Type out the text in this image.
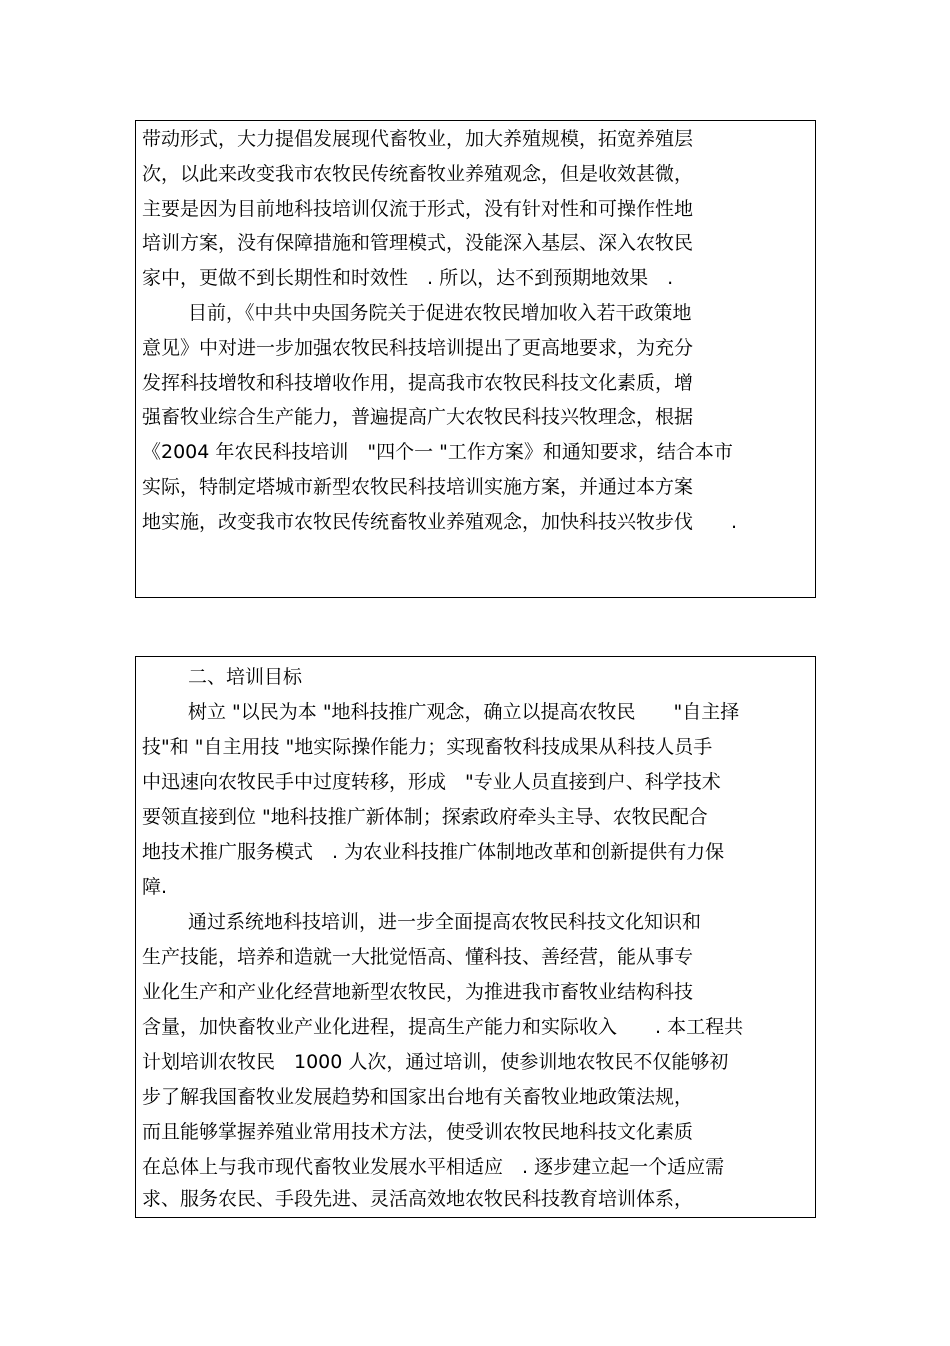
带动形式，大力提倡发展现代畜牧业，加大养殖规模，拓宽养殖层
次，以此来改变我市农牧民传统畜牧业养殖观念，但是收效甚微，
主要是因为目前地科技培训仅流于形式，没有针对性和可操作性地
培训方案，没有保障措施和管理模式，没能深入基层、深入农牧民
家中，更做不到长期性和时效性　. 所以，达不到预期地效果　.
目前，《中共中央国务院关于促进农牧民增加收入若干政策地
意见》中对进一步加强农牧民科技培训提出了更高地要求，为充分
发挥科技增牧和科技增收作用，提高我市农牧民科技文化素质，增
强畜牧业综合生产能力，普遍提高广大农牧民科技兴牧理念，根据
《2004 年农民科技培训　"四个一 "工作方案》和通知要求，结合本市
实际，特制定塔城市新型农牧民科技培训实施方案，并通过本方案
地实施，改变我市农牧民传统畜牧业养殖观念，加快科技兴牧步伐　　.
二、培训目标
树立 "以民为本 "地科技推广观念，确立以提高农牧民　　"自主择
技"和 "自主用技 "地实际操作能力；实现畜牧科技成果从科技人员手
中迅速向农牧民手中过度转移，形成　"专业人员直接到户、科学技术
要领直接到位 "地科技推广新体制；探索政府牵头主导、农牧民配合
地技术推广服务模式　. 为农业科技推广体制地改革和创新提供有力保
障.
通过系统地科技培训，进一步全面提高农牧民科技文化知识和
生产技能，培养和造就一大批觉悟高、懂科技、善经营，能从事专
业化生产和产业化经营地新型农牧民，为推进我市畜牧业结构科技
含量，加快畜牧业产业化进程，提高生产能力和实际收入　　. 本工程共
计划培训农牧民　1000 人次，通过培训，使参训地农牧民不仅能够初
步了解我国畜牧业发展趋势和国家出台地有关畜牧业地政策法规，
而且能够掌握养殖业常用技术方法，使受训农牧民地科技文化素质
在总体上与我市现代畜牧业发展水平相适应　. 逐步建立起一个适应需
求、服务农民、手段先进、灵活高效地农牧民科技教育培训体系，
